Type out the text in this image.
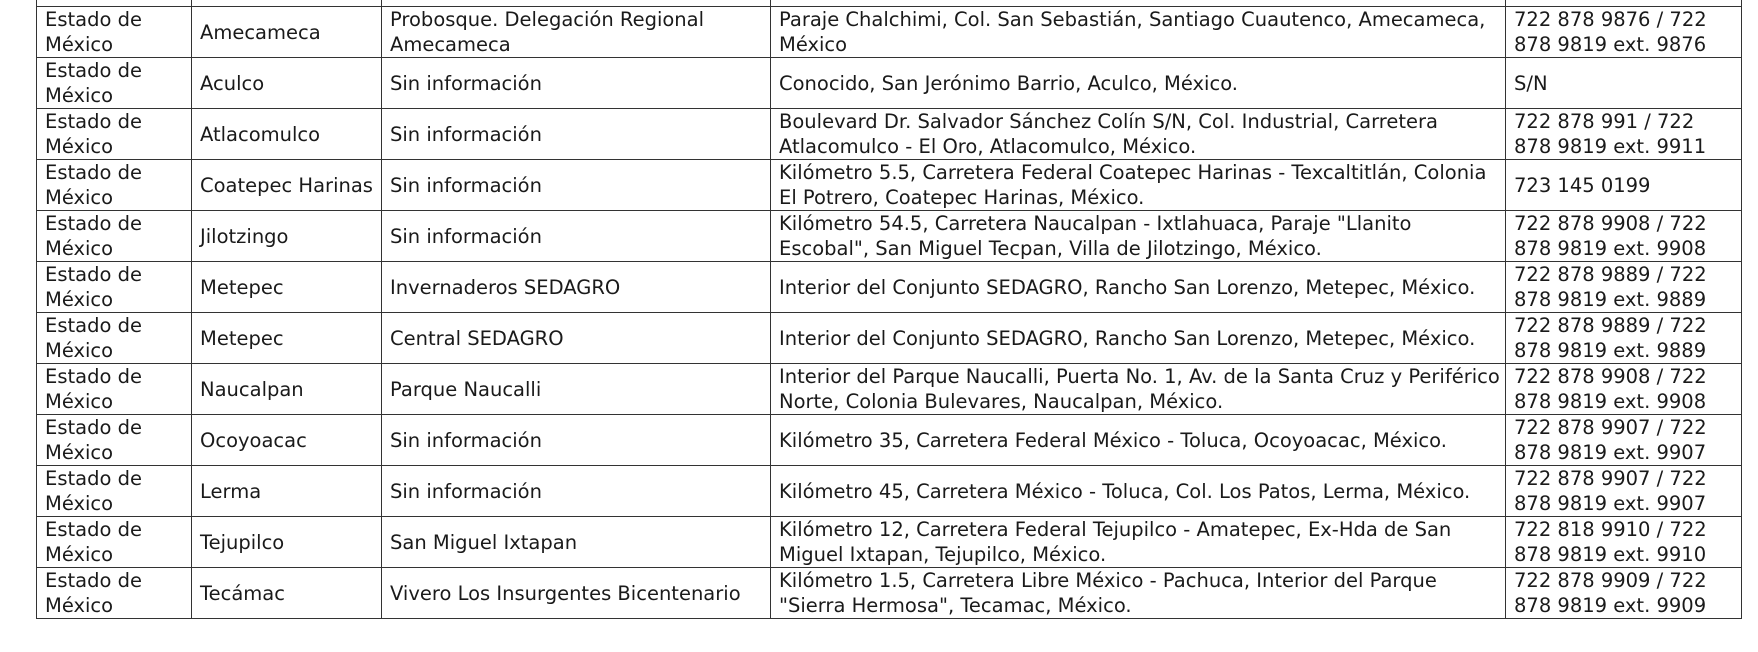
Estado de México	Amecameca	Probosque. Delegación Regional Amecameca	Paraje Chalchimi, Col. San Sebastián, Santiago Cuautenco, Amecameca, México	722 878 9876 / 722 878 9819 ext. 9876
Estado de México	Aculco	Sin información	Conocido, San Jerónimo Barrio, Aculco, México.	S/N
Estado de México	Atlacomulco	Sin información	Boulevard Dr. Salvador Sánchez Colín S/N, Col. Industrial, Carretera Atlacomulco - El Oro, Atlacomulco, México.	722 878 991 / 722 878 9819 ext. 9911
Estado de México	Coatepec Harinas	Sin información	Kilómetro 5.5, Carretera Federal Coatepec Harinas - Texcaltitlán, Colonia El Potrero, Coatepec Harinas, México.	723 145 0199
Estado de México	Jilotzingo	Sin información	Kilómetro 54.5, Carretera Naucalpan - Ixtlahuaca, Paraje "Llanito Escobal", San Miguel Tecpan, Villa de Jilotzingo, México.	722 878 9908 / 722 878 9819 ext. 9908
Estado de México	Metepec	Invernaderos SEDAGRO	Interior del Conjunto SEDAGRO, Rancho San Lorenzo, Metepec, México.	722 878 9889 / 722 878 9819 ext. 9889
Estado de México	Metepec	Central SEDAGRO	Interior del Conjunto SEDAGRO, Rancho San Lorenzo, Metepec, México.	722 878 9889 / 722 878 9819 ext. 9889
Estado de México	Naucalpan	Parque Naucalli	Interior del Parque Naucalli, Puerta No. 1, Av. de la Santa Cruz y Periférico Norte, Colonia Bulevares, Naucalpan, México.	722 878 9908 / 722 878 9819 ext. 9908
Estado de México	Ocoyoacac	Sin información	Kilómetro 35, Carretera Federal México - Toluca, Ocoyoacac, México.	722 878 9907 / 722 878 9819 ext. 9907
Estado de México	Lerma	Sin información	Kilómetro 45, Carretera México - Toluca, Col. Los Patos, Lerma, México.	722 878 9907 / 722 878 9819 ext. 9907
Estado de México	Tejupilco	San Miguel Ixtapan	Kilómetro 12, Carretera Federal Tejupilco - Amatepec, Ex-Hda de San Miguel Ixtapan, Tejupilco, México.	722 818 9910 / 722 878 9819 ext. 9910
Estado de México	Tecámac	Vivero Los Insurgentes Bicentenario	Kilómetro 1.5, Carretera Libre México - Pachuca, Interior del Parque "Sierra Hermosa", Tecamac, México.	722 878 9909 / 722 878 9819 ext. 9909
